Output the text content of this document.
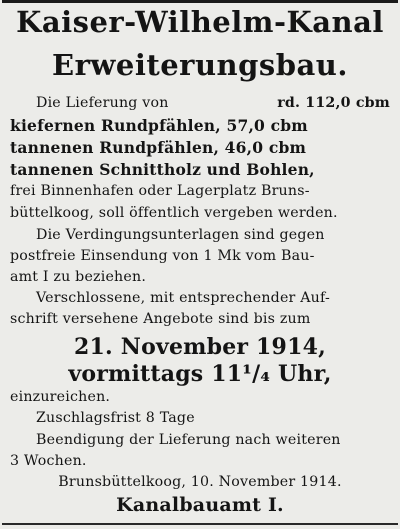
Kaiser-Wilhelm-Kanal
Erweiterungsbau.
Die Lieferung von	rd. 112,0 cbm
kiefernen Rundpfählen, 57,0 cbm
tannenen Rundpfählen, 46,0 cbm
tannenen Schnittholz und Bohlen,
frei Binnenhafen oder Lagerplatz Bruns-
büttelkoog, soll öffentlich vergeben werden.
Die Verdingungsunterlagen sind gegen
postfreie Einsendung von 1 Mk vom Bau-
amt I zu beziehen.
Verschlossene, mit entsprechender Auf-
schrift versehene Angebote sind bis zum
21. November 1914,
vormittags 11¹/₄ Uhr,
einzureichen.
Zuschlagsfrist 8 Tage
Beendigung der Lieferung nach weiteren
3 Wochen.
Brunsbüttelkoog, 10. November 1914.
Kanalbauamt I.
